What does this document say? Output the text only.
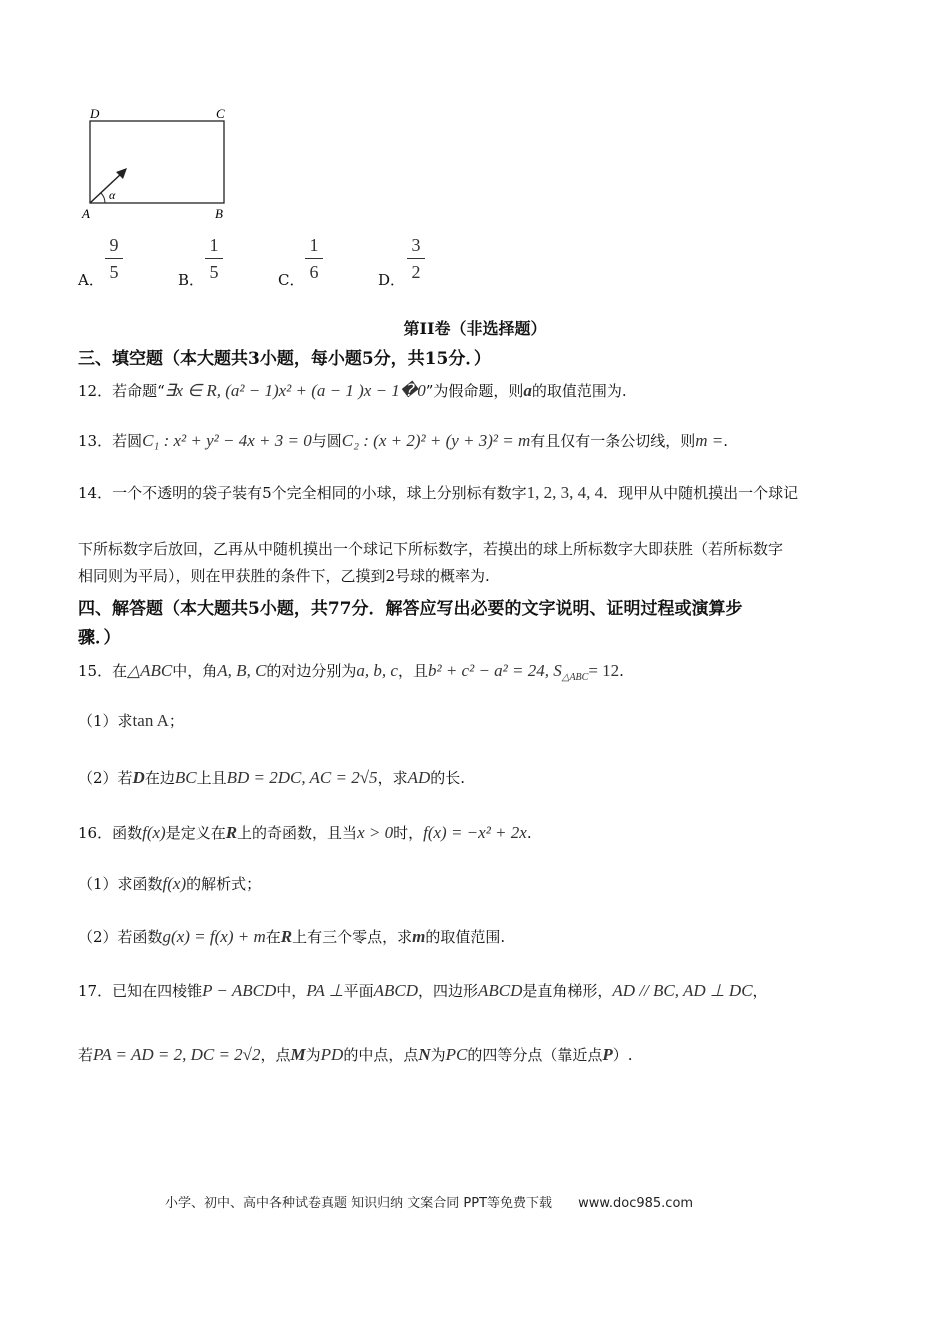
D	C
A	B
α
A．
9
5	B．
1
5	C．
1
6	D．
3
2
第II卷（非选择题）
三、填空题（本大题共3小题，每小题5分，共15分．）
12．若命题“∃x ∈ R, (a² − 1)x² + (a − 1 )x − 1�0”为假命题，则a的取值范围为.
13．若圆C₁ : x² + y² − 4x + 3 = 0与圆C₂ : (x + 2)² + (y + 3)² = m有且仅有一条公切线，则m =.
14．一个不透明的袋子装有5个完全相同的小球，球上分别标有数字1, 2, 3, 4, 4．现甲从中随机摸出一个球记
下所标数字后放回，乙再从中随机摸出一个球记下所标数字，若摸出的球上所标数字大即获胜（若所标数字
相同则为平局），则在甲获胜的条件下，乙摸到2号球的概率为.
四、解答题（本大题共5小题，共77分．解答应写出必要的文字说明、证明过程或演算步
骤．）
15．在△ABC中，角A, B, C的对边分别为a, b, c，且b² + c² − a² = 24, $S_{\triangle ABC}= 12$.
（1）求tan A；
（2）若D在边BC上且BD = 2DC, AC = 2√5，求AD的长.
16．函数f(x)是定义在R上的奇函数，且当x > 0时，f(x) = −x² + 2x.
（1）求函数f(x)的解析式；
（2）若函数g(x) = f(x) + m在R上有三个零点，求m的取值范围.
17．已知在四棱锥P − ABCD中，PA ⊥平面ABCD，四边形ABCD是直角梯形，AD // BC, AD ⊥ DC，
若PA = AD = 2, DC = 2√2，点M为PD的中点，点N为PC的四等分点（靠近点P）.
小学、初中、高中各种试卷真题 知识归纳 文案合同 PPT等免费下载 www.doc985.com
